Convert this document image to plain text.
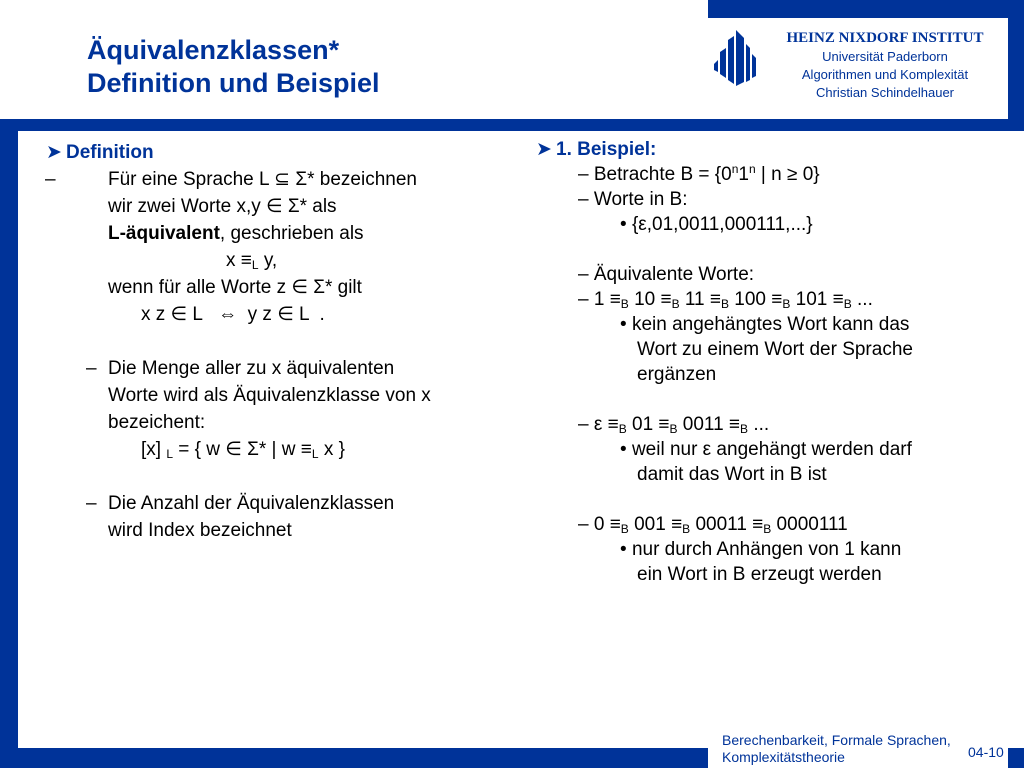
Äquivalenzklassen*
Definition und Beispiel
HEINZ NIXDORF INSTITUT
Universität Paderborn
Algorithmen und Komplexität
Christian Schindelhauer
➤ Definition
–	Für eine Sprache L ⊆ Σ* bezeichnen
wir zwei Worte x,y ∈ Σ* als
L-äquivalent, geschrieben als
$x \equiv_L$ y,
wenn für alle Worte z ∈ Σ* gilt
x z ∈ L   ⇔  y z ∈ L  .
– Die Menge aller zu x äquivalenten
Worte wird als Äquivalenzklasse von x
bezeichent:
[x] $_L$ = { w ∈ Σ* | $w \equiv_L$ x }
– Die Anzahl der Äquivalenzklassen
wird Index bezeichnet
➤ 1. Beispiel:
– Betrachte $B = \{0^n1^n$ | n ≥ 0}
– Worte in B:
• {ε,01,0011,000111,...}
– Äquivalente Worte:
– $1 \equiv_B$ $10 \equiv_B$ $11 \equiv_B$ $100 \equiv_B$ $101 \equiv_B$ ...
• kein angehängtes Wort kann das
Wort zu einem Wort der Sprache
ergänzen
– $\varepsilon \equiv_B$ $01 \equiv_B$ $0011 \equiv_B$ ...
• weil nur ε angehängt werden darf
damit das Wort in B ist
– $0 \equiv_B$ $001 \equiv_B$ $00011 \equiv_B$ 0000111
• nur durch Anhängen von 1 kann
ein Wort in B erzeugt werden
Berechenbarkeit, Formale Sprachen,
Komplexitätstheorie	04-10
